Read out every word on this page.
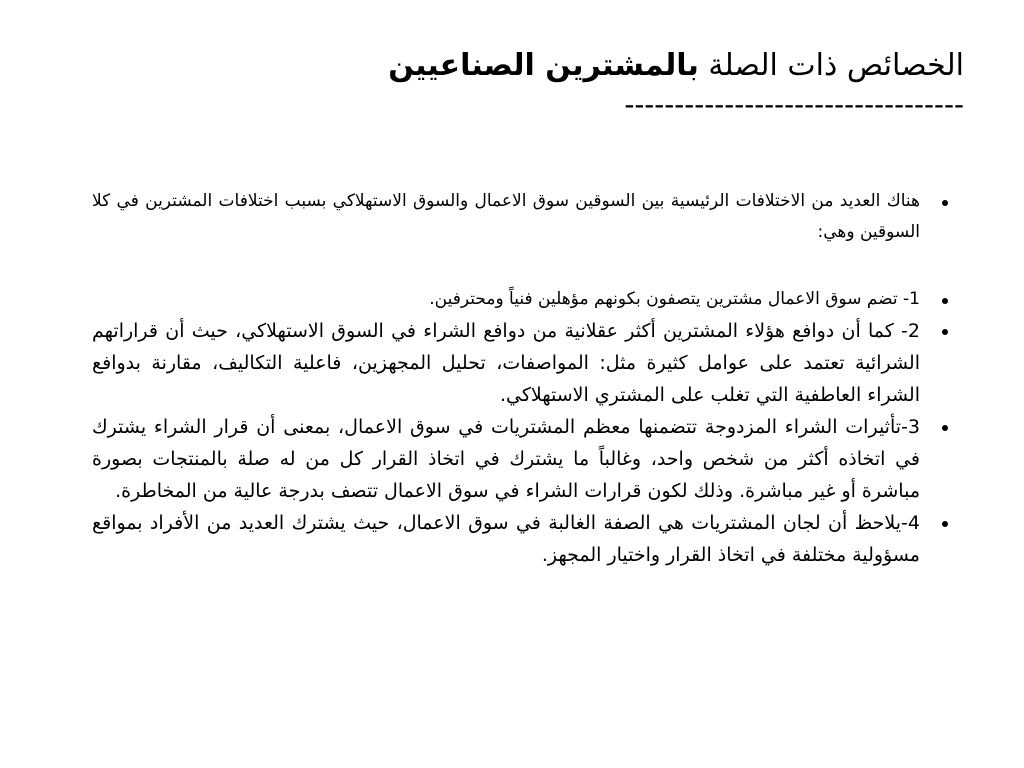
الخصائص ذات الصلة بالمشترين الصناعيين

----------------------------------

هناك العديد من الاختلافات الرئيسية بين السوقين سوق الاعمال والسوق الاستهلاكي بسبب اختلافات المشترين في كلا السوقين وهي:
1- تضم سوق الاعمال مشترين يتصفون بكونهم مؤهلين فنياً ومحترفين.
2- كما أن دوافع هؤلاء المشترين أكثر عقلانية من دوافع الشراء في السوق الاستهلاكي، حيث أن قراراتهم الشرائية تعتمد على عوامل كثيرة مثل: المواصفات، تحليل المجهزين، فاعلية التكاليف، مقارنة بدوافع الشراء العاطفية التي تغلب على المشتري الاستهلاكي.
3-تأثيرات الشراء المزدوجة تتضمنها معظم المشتريات في سوق الاعمال، بمعنى أن قرار الشراء يشترك في اتخاذه أكثر من شخص واحد، وغالباً ما يشترك في اتخاذ القرار كل من له صلة بالمنتجات بصورة مباشرة أو غير مباشرة. وذلك لكون قرارات الشراء في سوق الاعمال تتصف بدرجة عالية من المخاطرة.
4-يلاحظ أن لجان المشتريات هي الصفة الغالبة في سوق الاعمال، حيث يشترك العديد من الأفراد بمواقع مسؤولية مختلفة في اتخاذ القرار واختيار المجهز.
